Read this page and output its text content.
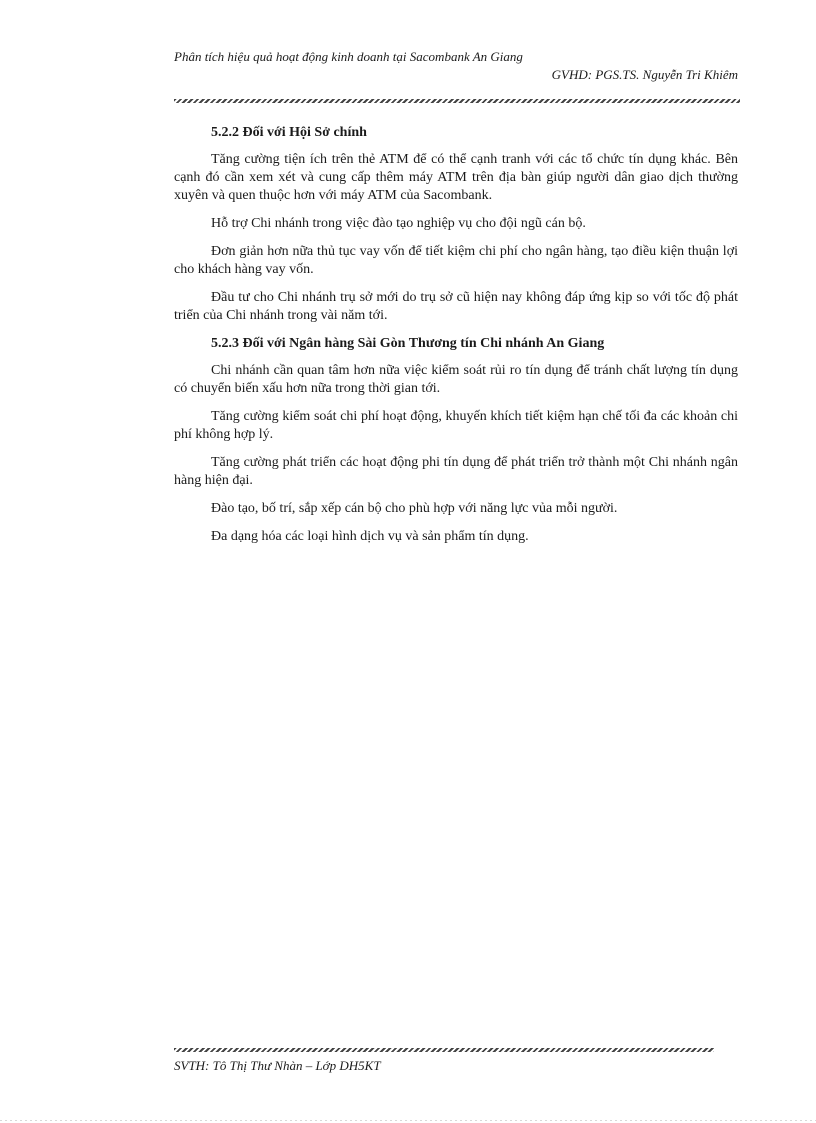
Phân tích hiệu quả hoạt động kinh doanh tại Sacombank An Giang
GVHD: PGS.TS. Nguyễn Tri Khiêm
5.2.2 Đối với Hội Sở chính

Tăng cường tiện ích trên thẻ ATM để có thể cạnh tranh với các tổ chức tín dụng khác. Bên cạnh đó cần xem xét và cung cấp thêm máy ATM trên địa bàn giúp người dân giao dịch thường xuyên và quen thuộc hơn với máy ATM của Sacombank.

Hỗ trợ Chi nhánh trong việc đào tạo nghiệp vụ cho đội ngũ cán bộ.

Đơn giản hơn nữa thủ tục vay vốn để tiết kiệm chi phí cho ngân hàng, tạo điều kiện thuận lợi cho khách hàng vay vốn.

Đầu tư cho Chi nhánh trụ sở mới do trụ sở cũ hiện nay không đáp ứng kịp so với tốc độ phát triển của Chi nhánh trong vài năm tới.

5.2.3 Đối với Ngân hàng Sài Gòn Thương tín Chi nhánh An Giang

Chi nhánh cần quan tâm hơn nữa việc kiểm soát rủi ro tín dụng để tránh chất lượng tín dụng có chuyển biến xấu hơn nữa trong thời gian tới.

Tăng cường kiểm soát chi phí hoạt động, khuyến khích tiết kiệm hạn chế tối đa các khoản chi phí không hợp lý.

Tăng cường phát triển các hoạt động phi tín dụng để phát triển trở thành một Chi nhánh ngân hàng hiện đại.

Đào tạo, bố trí, sắp xếp cán bộ cho phù hợp với năng lực vủa mỗi người.

Đa dạng hóa các loại hình dịch vụ và sản phẩm tín dụng.

SVTH: Tô Thị Thư Nhàn – Lớp DH5KT
